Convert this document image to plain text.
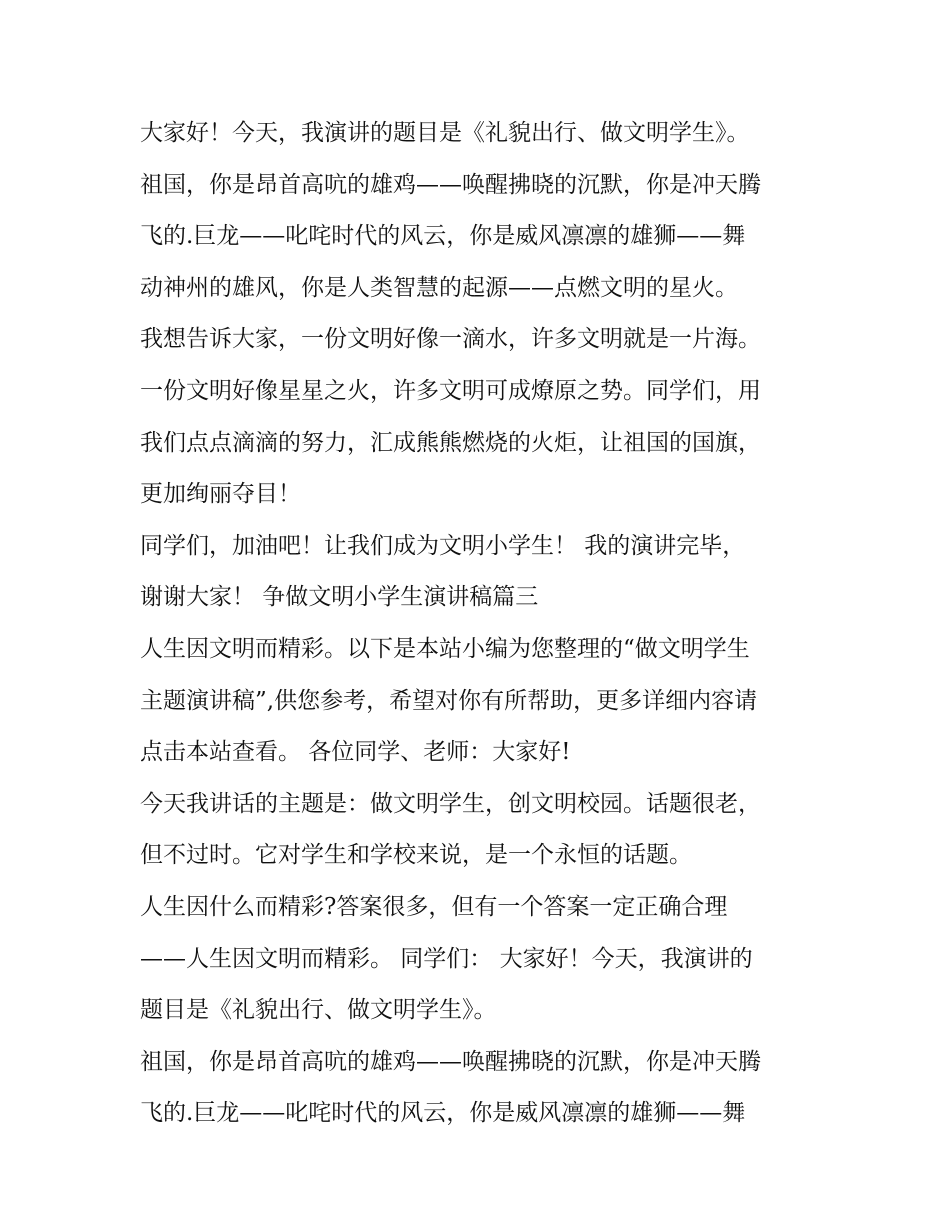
大家好！今天，我演讲的题目是《礼貌出行、做文明学生》。
祖国，你是昂首高吭的雄鸡——唤醒拂晓的沉默，你是冲天腾
飞的.巨龙——叱咤时代的风云，你是威风凛凛的雄狮——舞
动神州的雄风，你是人类智慧的起源——点燃文明的星火。
我想告诉大家，一份文明好像一滴水，许多文明就是一片海。
一份文明好像星星之火，许多文明可成燎原之势。同学们，用
我们点点滴滴的努力，汇成熊熊燃烧的火炬，让祖国的国旗，
更加绚丽夺目！
同学们，加油吧！让我们成为文明小学生！ 我的演讲完毕，
谢谢大家！ 争做文明小学生演讲稿篇三
人生因文明而精彩。以下是本站小编为您整理的“做文明学生
主题演讲稿”,供您参考，希望对你有所帮助，更多详细内容请
点击本站查看。 各位同学、老师：大家好!
今天我讲话的主题是：做文明学生，创文明校园。话题很老，
但不过时。它对学生和学校来说，是一个永恒的话题。
人生因什么而精彩?答案很多，但有一个答案一定正确合理
——人生因文明而精彩。 同学们： 大家好！今天，我演讲的
题目是《礼貌出行、做文明学生》。
祖国，你是昂首高吭的雄鸡——唤醒拂晓的沉默，你是冲天腾
飞的.巨龙——叱咤时代的风云，你是威风凛凛的雄狮——舞
